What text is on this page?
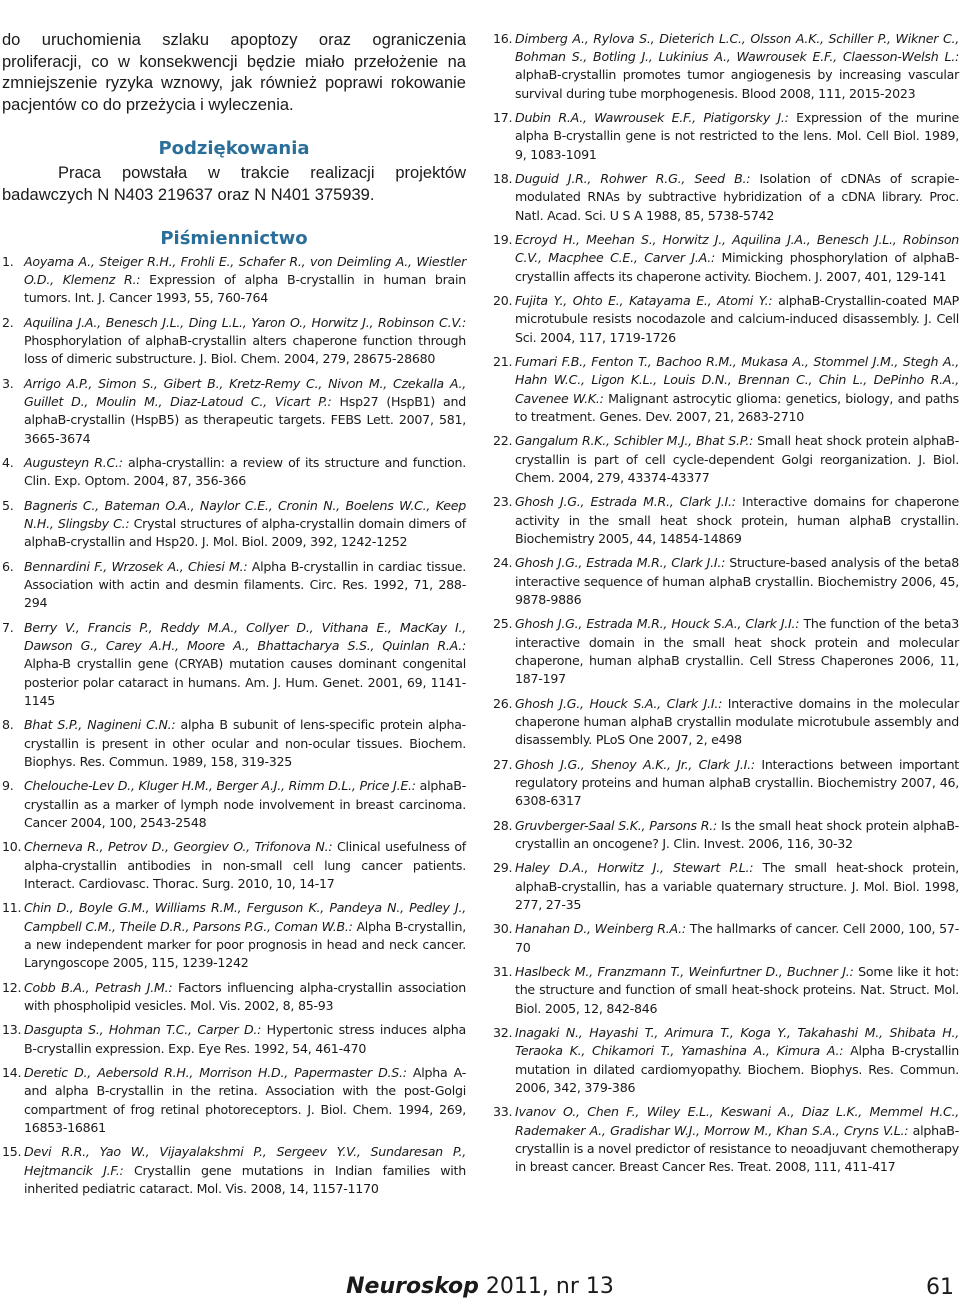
do uruchomienia szlaku apoptozy oraz ograniczenia proliferacji, co w konsekwencji będzie miało przełożenie na zmniejszenie ryzyka wznowy, jak również poprawi rokowanie pacjentów co do przeżycia i wyleczenia.

Podziękowania

Praca powstała w trakcie realizacji projektów badawczych N N403 219637 oraz N N401 375939.

Piśmiennictwo
1. Aoyama A., Steiger R.H., Frohli E., Schafer R., von Deimling A., Wiestler O.D., Klemenz R.: Expression of alpha B-crystallin in human brain tumors. Int. J. Cancer 1993, 55, 760-764
2. Aquilina J.A., Benesch J.L., Ding L.L., Yaron O., Horwitz J., Robinson C.V.: Phosphorylation of alphaB-crystallin alters chaperone function through loss of dimeric substructure. J. Biol. Chem. 2004, 279, 28675-28680
3. Arrigo A.P., Simon S., Gibert B., Kretz-Remy C., Nivon M., Czekalla A., Guillet D., Moulin M., Diaz-Latoud C., Vicart P.: Hsp27 (HspB1) and alphaB-crystallin (HspB5) as therapeutic targets. FEBS Lett. 2007, 581, 3665-3674
4. Augusteyn R.C.: alpha-crystallin: a review of its structure and function. Clin. Exp. Optom. 2004, 87, 356-366
5. Bagneris C., Bateman O.A., Naylor C.E., Cronin N., Boelens W.C., Keep N.H., Slingsby C.: Crystal structures of alpha-crystallin domain dimers of alphaB-crystallin and Hsp20. J. Mol. Biol. 2009, 392, 1242-1252
6. Bennardini F., Wrzosek A., Chiesi M.: Alpha B-crystallin in cardiac tissue. Association with actin and desmin filaments. Circ. Res. 1992, 71, 288-294
7. Berry V., Francis P., Reddy M.A., Collyer D., Vithana E., MacKay I., Dawson G., Carey A.H., Moore A., Bhattacharya S.S., Quinlan R.A.: Alpha-B crystallin gene (CRYAB) mutation causes dominant congenital posterior polar cataract in humans. Am. J. Hum. Genet. 2001, 69, 1141-1145
8. Bhat S.P., Nagineni C.N.: alpha B subunit of lens-specific protein alpha-crystallin is present in other ocular and non-ocular tissues. Biochem. Biophys. Res. Commun. 1989, 158, 319-325
9. Chelouche-Lev D., Kluger H.M., Berger A.J., Rimm D.L., Price J.E.: alphaB-crystallin as a marker of lymph node involvement in breast carcinoma. Cancer 2004, 100, 2543-2548
10. Cherneva R., Petrov D., Georgiev O., Trifonova N.: Clinical usefulness of alpha-crystallin antibodies in non-small cell lung cancer patients. Interact. Cardiovasc. Thorac. Surg. 2010, 10, 14-17
11. Chin D., Boyle G.M., Williams R.M., Ferguson K., Pandeya N., Pedley J., Campbell C.M., Theile D.R., Parsons P.G., Coman W.B.: Alpha B-crystallin, a new independent marker for poor prognosis in head and neck cancer. Laryngoscope 2005, 115, 1239-1242
12. Cobb B.A., Petrash J.M.: Factors influencing alpha-crystallin association with phospholipid vesicles. Mol. Vis. 2002, 8, 85-93
13. Dasgupta S., Hohman T.C., Carper D.: Hypertonic stress induces alpha B-crystallin expression. Exp. Eye Res. 1992, 54, 461-470
14. Deretic D., Aebersold R.H., Morrison H.D., Papermaster D.S.: Alpha A- and alpha B-crystallin in the retina. Association with the post-Golgi compartment of frog retinal photoreceptors. J. Biol. Chem. 1994, 269, 16853-16861
15. Devi R.R., Yao W., Vijayalakshmi P., Sergeev Y.V., Sundaresan P., Hejtmancik J.F.: Crystallin gene mutations in Indian families with inherited pediatric cataract. Mol. Vis. 2008, 14, 1157-1170
16. Dimberg A., Rylova S., Dieterich L.C., Olsson A.K., Schiller P., Wikner C., Bohman S., Botling J., Lukinius A., Wawrousek E.F., Claesson-Welsh L.: alphaB-crystallin promotes tumor angiogenesis by increasing vascular survival during tube morphogenesis. Blood 2008, 111, 2015-2023
17. Dubin R.A., Wawrousek E.F., Piatigorsky J.: Expression of the murine alpha B-crystallin gene is not restricted to the lens. Mol. Cell Biol. 1989, 9, 1083-1091
18. Duguid J.R., Rohwer R.G., Seed B.: Isolation of cDNAs of scrapie-modulated RNAs by subtractive hybridization of a cDNA library. Proc. Natl. Acad. Sci. U S A 1988, 85, 5738-5742
19. Ecroyd H., Meehan S., Horwitz J., Aquilina J.A., Benesch J.L., Robinson C.V., Macphee C.E., Carver J.A.: Mimicking phosphorylation of alphaB-crystallin affects its chaperone activity. Biochem. J. 2007, 401, 129-141
20. Fujita Y., Ohto E., Katayama E., Atomi Y.: alphaB-Crystallin-coated MAP microtubule resists nocodazole and calcium-induced disassembly. J. Cell Sci. 2004, 117, 1719-1726
21. Fumari F.B., Fenton T., Bachoo R.M., Mukasa A., Stommel J.M., Stegh A., Hahn W.C., Ligon K.L., Louis D.N., Brennan C., Chin L., DePinho R.A., Cavenee W.K.: Malignant astrocytic glioma: genetics, biology, and paths to treatment. Genes. Dev. 2007, 21, 2683-2710
22. Gangalum R.K., Schibler M.J., Bhat S.P.: Small heat shock protein alphaB-crystallin is part of cell cycle-dependent Golgi reorganization. J. Biol. Chem. 2004, 279, 43374-43377
23. Ghosh J.G., Estrada M.R., Clark J.I.: Interactive domains for chaperone activity in the small heat shock protein, human alphaB crystallin. Biochemistry 2005, 44, 14854-14869
24. Ghosh J.G., Estrada M.R., Clark J.I.: Structure-based analysis of the beta8 interactive sequence of human alphaB crystallin. Biochemistry 2006, 45, 9878-9886
25. Ghosh J.G., Estrada M.R., Houck S.A., Clark J.I.: The function of the beta3 interactive domain in the small heat shock protein and molecular chaperone, human alphaB crystallin. Cell Stress Chaperones 2006, 11, 187-197
26. Ghosh J.G., Houck S.A., Clark J.I.: Interactive domains in the molecular chaperone human alphaB crystallin modulate microtubule assembly and disassembly. PLoS One 2007, 2, e498
27. Ghosh J.G., Shenoy A.K., Jr., Clark J.I.: Interactions between important regulatory proteins and human alphaB crystallin. Biochemistry 2007, 46, 6308-6317
28. Gruvberger-Saal S.K., Parsons R.: Is the small heat shock protein alphaB-crystallin an oncogene? J. Clin. Invest. 2006, 116, 30-32
29. Haley D.A., Horwitz J., Stewart P.L.: The small heat-shock protein, alphaB-crystallin, has a variable quaternary structure. J. Mol. Biol. 1998, 277, 27-35
30. Hanahan D., Weinberg R.A.: The hallmarks of cancer. Cell 2000, 100, 57-70
31. Haslbeck M., Franzmann T., Weinfurtner D., Buchner J.: Some like it hot: the structure and function of small heat-shock proteins. Nat. Struct. Mol. Biol. 2005, 12, 842-846
32. Inagaki N., Hayashi T., Arimura T., Koga Y., Takahashi M., Shibata H., Teraoka K., Chikamori T., Yamashina A., Kimura A.: Alpha B-crystallin mutation in dilated cardiomyopathy. Biochem. Biophys. Res. Commun. 2006, 342, 379-386
33. Ivanov O., Chen F., Wiley E.L., Keswani A., Diaz L.K., Memmel H.C., Rademaker A., Gradishar W.J., Morrow M., Khan S.A., Cryns V.L.: alphaB-crystallin is a novel predictor of resistance to neoadjuvant chemotherapy in breast cancer. Breast Cancer Res. Treat. 2008, 111, 411-417
Neuroskop 2011, nr 13	61
